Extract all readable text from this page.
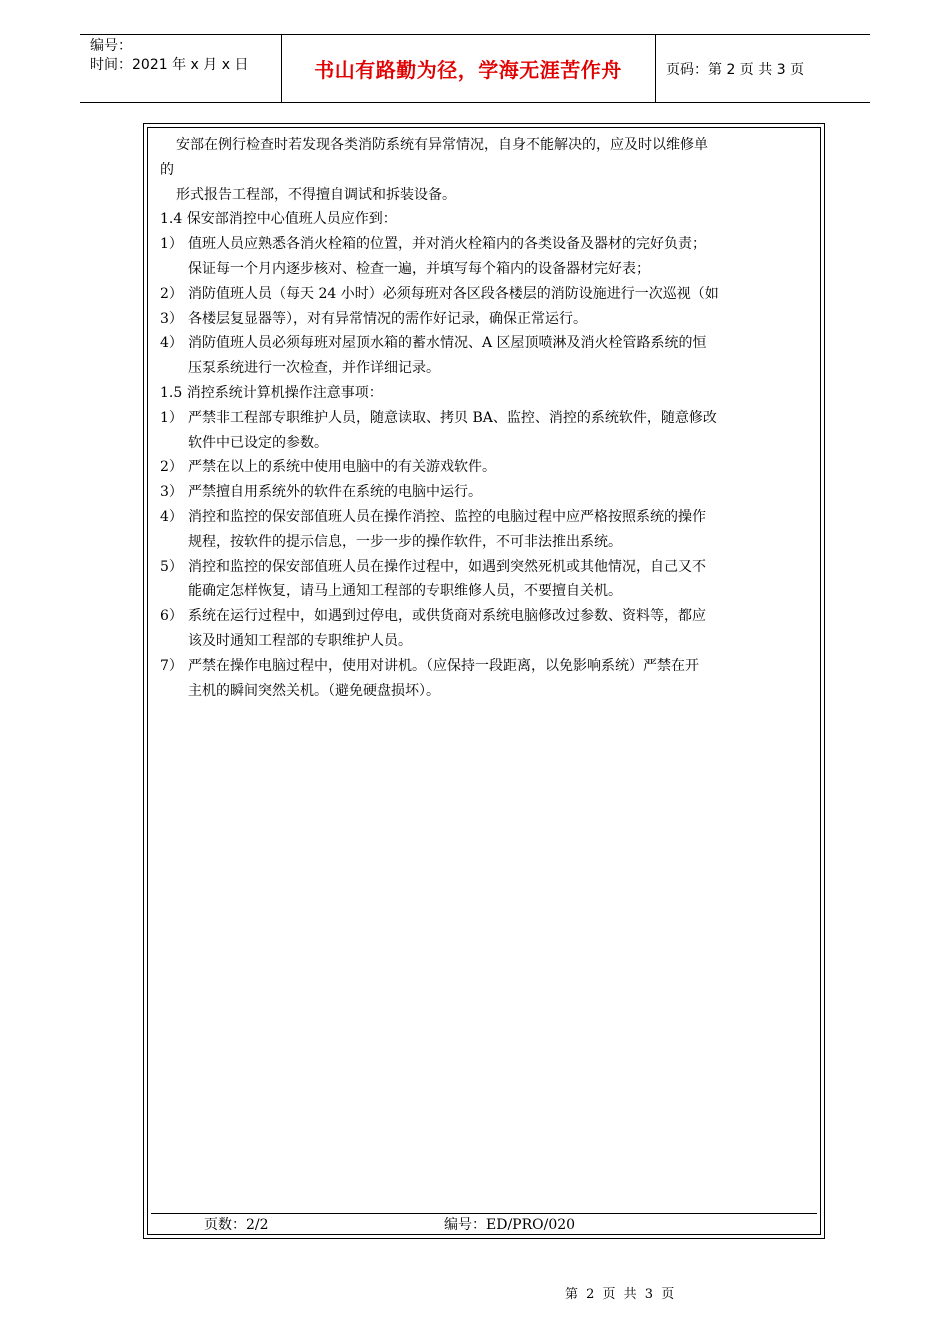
编号：
时间：2021 年 x 月 x 日	书山有路勤为径，学海无涯苦作舟	页码：第 2 页 共 3 页

安部在例行检查时若发现各类消防系统有异常情况，自身不能解决的，应及时以维修单

的

形式报告工程部，不得擅自调试和拆装设备。

1.4 保安部消控中心值班人员应作到：

1） 值班人员应熟悉各消火栓箱的位置，并对消火栓箱内的各类设备及器材的完好负责；

保证每一个月内逐步核对、检查一遍，并填写每个箱内的设备器材完好表；

2） 消防值班人员（每天 24 小时）必须每班对各区段各楼层的消防设施进行一次巡视（如
3） 各楼层复显器等），对有异常情况的需作好记录，确保正常运行。
4） 消防值班人员必须每班对屋顶水箱的蓄水情况、A 区屋顶喷淋及消火栓管路系统的恒

压泵系统进行一次检查，并作详细记录。

1.5 消控系统计算机操作注意事项：

1） 严禁非工程部专职维护人员，随意读取、拷贝 BA、监控、消控的系统软件，随意修改

软件中已设定的参数。

2） 严禁在以上的系统中使用电脑中的有关游戏软件。
3） 严禁擅自用系统外的软件在系统的电脑中运行。
4） 消控和监控的保安部值班人员在操作消控、监控的电脑过程中应严格按照系统的操作

规程，按软件的提示信息，一步一步的操作软件，不可非法推出系统。

5） 消控和监控的保安部值班人员在操作过程中，如遇到突然死机或其他情况，自己又不

能确定怎样恢复，请马上通知工程部的专职维修人员，不要擅自关机。

6） 系统在运行过程中，如遇到过停电，或供货商对系统电脑修改过参数、资料等，都应

该及时通知工程部的专职维护人员。

7） 严禁在操作电脑过程中，使用对讲机。（应保持一段距离，以免影响系统）严禁在开

主机的瞬间突然关机。（避免硬盘损坏）。

页数：2/2	编号：ED/PRO/020
第 2 页 共 3 页
